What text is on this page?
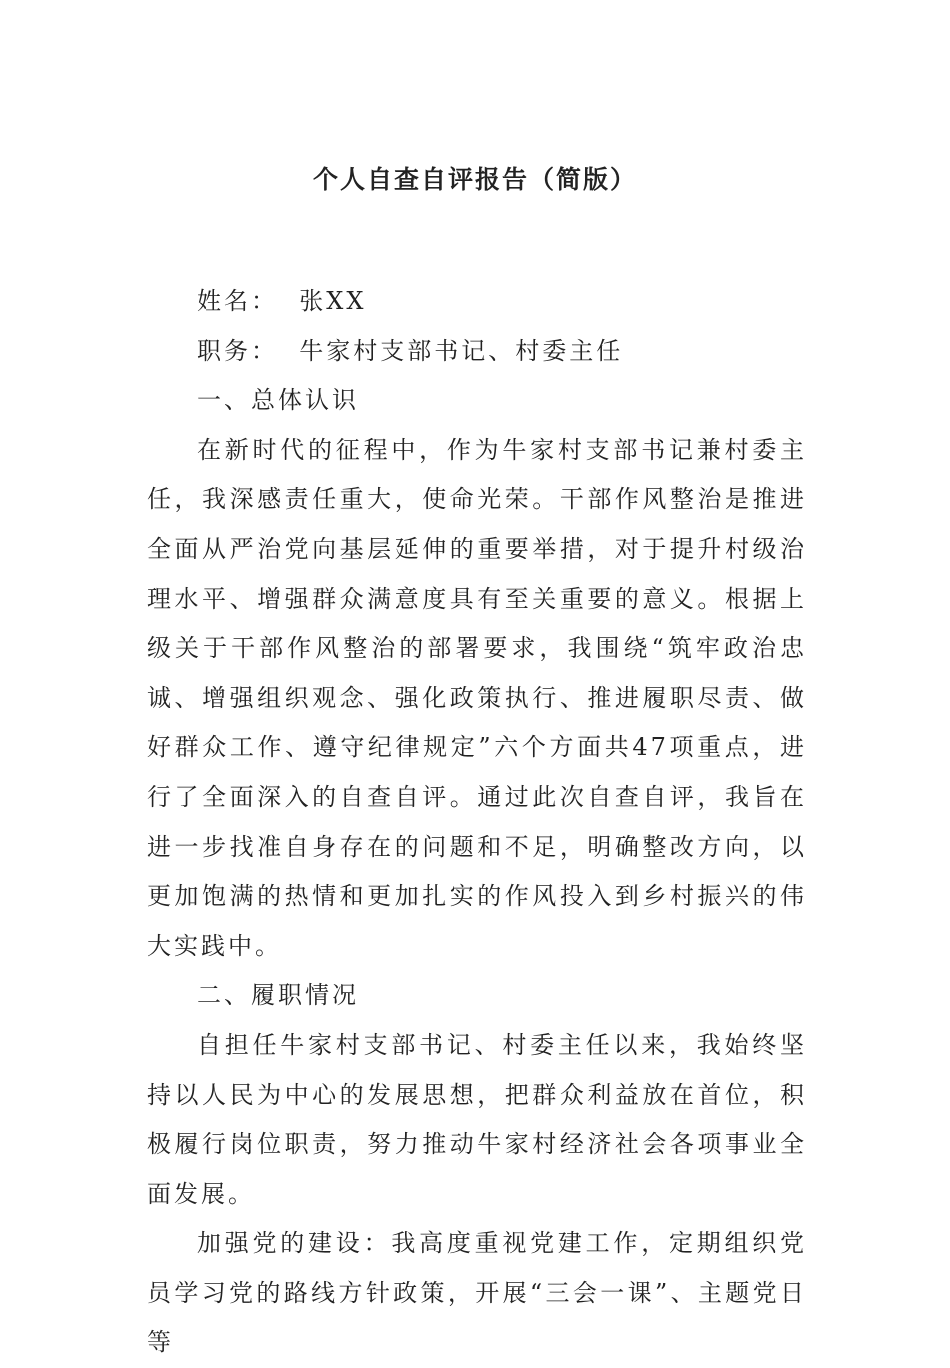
个人自查自评报告（简版）
姓名： 张XX
职务： 牛家村支部书记、村委主任

一、总体认识

在新时代的征程中，作为牛家村支部书记兼村委主任，我深感责任重大，使命光荣。干部作风整治是推进全面从严治党向基层延伸的重要举措，对于提升村级治理水平、增强群众满意度具有至关重要的意义。根据上级关于干部作风整治的部署要求，我围绕“筑牢政治忠诚、增强组织观念、强化政策执行、推进履职尽责、做好群众工作、遵守纪律规定”六个方面共47项重点，进行了全面深入的自查自评。通过此次自查自评，我旨在进一步找准自身存在的问题和不足，明确整改方向，以更加饱满的热情和更加扎实的作风投入到乡村振兴的伟大实践中。

二、履职情况

自担任牛家村支部书记、村委主任以来，我始终坚持以人民为中心的发展思想，把群众利益放在首位，积极履行岗位职责，努力推动牛家村经济社会各项事业全面发展。

加强党的建设：我高度重视党建工作，定期组织党员学习党的路线方针政策，开展“三会一课”、主题党日等
